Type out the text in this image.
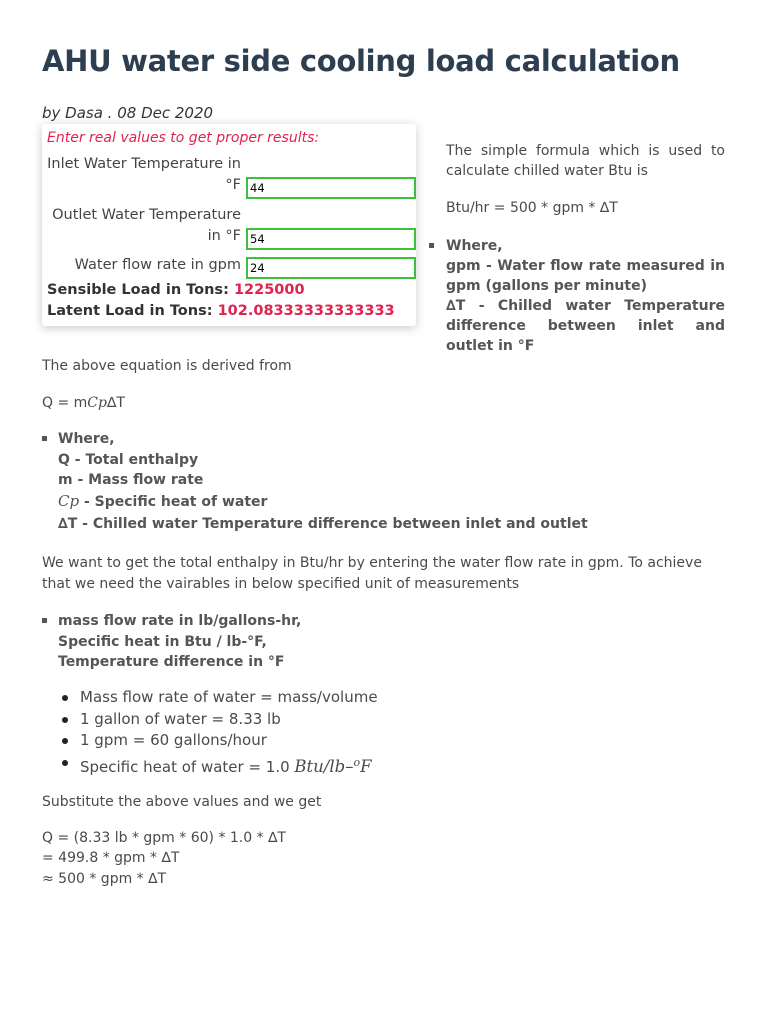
AHU water side cooling load calculation
by Dasa . 08 Dec 2020
Enter real values to get proper results:
Inlet Water Temperature in
°F
44
Outlet Water Temperature
in °F
54
Water flow rate in gpm
24
Sensible Load in Tons: 1225000
Latent Load in Tons: 102.08333333333333
The simple formula which is used to calculate chilled water Btu is
Btu/hr = 500 * gpm * ∆T
Where,
gpm - Water flow rate measured in gpm (gallons per minute)
∆T - Chilled water Temperature difference between inlet and outlet in °F
The above equation is derived from
Q = mCp∆T
Where,
Q - Total enthalpy
m - Mass flow rate
Cp - Specific heat of water
∆T - Chilled water Temperature difference between inlet and outlet
We want to get the total enthalpy in Btu/hr by entering the water flow rate in gpm. To achieve that we need the vairables in below specified unit of measurements
mass flow rate in lb/gallons-hr,
Specific heat in Btu / lb-°F,
Temperature difference in °F
Mass flow rate of water = mass/volume
1 gallon of water = 8.33 lb
1 gpm = 60 gallons/hour
Specific heat of water = 1.0 Btu/lb–$^o$F
Substitute the above values and we get
Q = (8.33 lb * gpm * 60) * 1.0 * ∆T
= 499.8 * gpm * ∆T
≈ 500 * gpm * ∆T
